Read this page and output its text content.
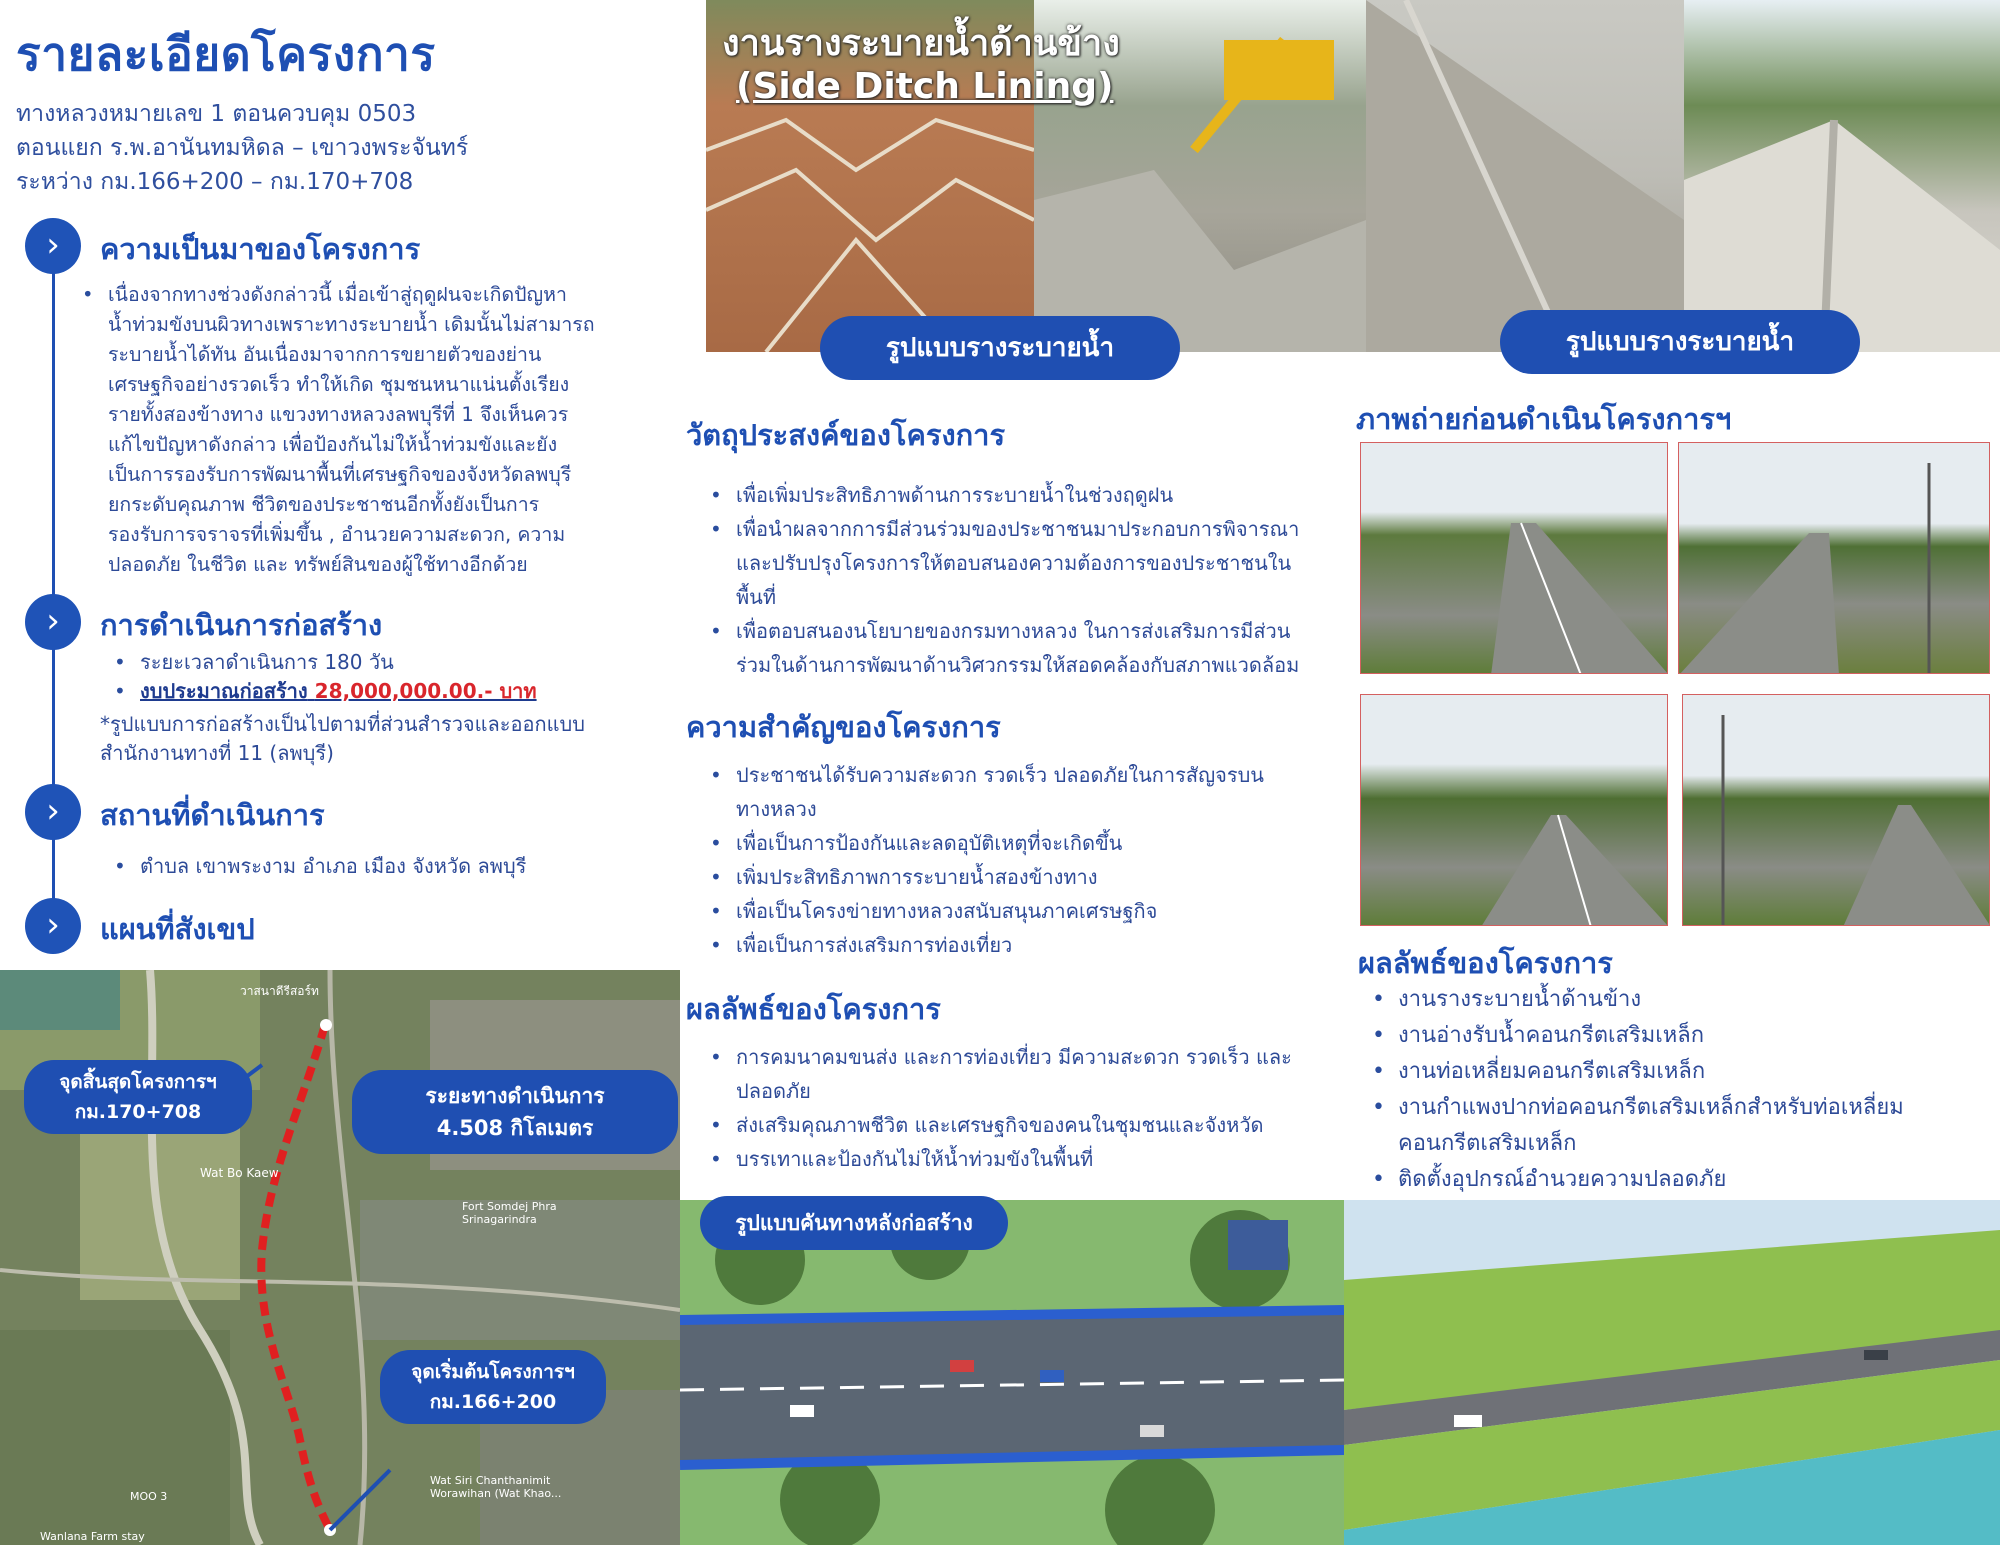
รายละเอียดโครงการ
ทางหลวงหมายเลข 1 ตอนควบคุม 0503
ตอนแยก ร.พ.อานันทมหิดล – เขาวงพระจันทร์
ระหว่าง กม.166+200 – กม.170+708
›	ความเป็นมาของโครงการ
• เนื่องจากทางช่วงดังกล่าวนี้ เมื่อเข้าสู่ฤดูฝนจะเกิดปัญหา
น้ำท่วมขังบนผิวทางเพราะทางระบายน้ำ เดิมนั้นไม่สามารถ
ระบายน้ำได้ทัน อันเนื่องมาจากการขยายตัวของย่าน
เศรษฐกิจอย่างรวดเร็ว ทำให้เกิด ชุมชนหนาแน่นตั้งเรียง
รายทั้งสองข้างทาง แขวงทางหลวงลพบุรีที่ 1 จึงเห็นควร
แก้ไขปัญหาดังกล่าว เพื่อป้องกันไม่ให้น้ำท่วมขังและยัง
เป็นการรองรับการพัฒนาพื้นที่เศรษฐกิจของจังหวัดลพบุรี
ยกระดับคุณภาพ ชีวิตของประชาชนอีกทั้งยังเป็นการ
รองรับการจราจรที่เพิ่มขึ้น , อำนวยความสะดวก, ความ
ปลอดภัย ในชีวิต และ ทรัพย์สินของผู้ใช้ทางอีกด้วย
›	การดำเนินการก่อสร้าง
• ระยะเวลาดำเนินการ 180 วัน
• งบประมาณก่อสร้าง 28,000,000.00.- บาท
*รูปแบบการก่อสร้างเป็นไปตามที่ส่วนสำรวจและออกแบบ
สำนักงานทางที่ 11 (ลพบุรี)
›	สถานที่ดำเนินการ
• ตำบล เขาพระงาม อำเภอ เมือง จังหวัด ลพบุรี
›	แผนที่สังเขป
วาสนาดีรีสอร์ท
Wat Bo Kaew
Fort Somdej Phra Srinagarindra
Wat Siri Chanthanimit Worawihan (Wat Khao...
MOO 3
Wanlana Farm stay
จุดสิ้นสุดโครงการฯ
กม.170+708
ระยะทางดำเนินการ
4.508 กิโลเมตร
จุดเริ่มต้นโครงการฯ
กม.166+200
งานรางระบายน้ำด้านข้าง
(Side Ditch Lining)
รูปแบบรางระบายน้ำ	รูปแบบรางระบายน้ำ
วัตถุประสงค์ของโครงการ
• เพื่อเพิ่มประสิทธิภาพด้านการระบายน้ำในช่วงฤดูฝน
• เพื่อนำผลจากการมีส่วนร่วมของประชาชนมาประกอบการพิจารณา
และปรับปรุงโครงการให้ตอบสนองความต้องการของประชาชนใน
พื้นที่
• เพื่อตอบสนองนโยบายของกรมทางหลวง ในการส่งเสริมการมีส่วน
ร่วมในด้านการพัฒนาด้านวิศวกรรมให้สอดคล้องกับสภาพแวดล้อม
ความสำคัญของโครงการ
• ประชาชนได้รับความสะดวก รวดเร็ว ปลอดภัยในการสัญจรบน
ทางหลวง
• เพื่อเป็นการป้องกันและลดอุบัติเหตุที่จะเกิดขึ้น
• เพิ่มประสิทธิภาพการระบายน้ำสองข้างทาง
• เพื่อเป็นโครงข่ายทางหลวงสนับสนุนภาคเศรษฐกิจ
• เพื่อเป็นการส่งเสริมการท่องเที่ยว
ผลลัพธ์ของโครงการ
• การคมนาคมขนส่ง และการท่องเที่ยว มีความสะดวก รวดเร็ว และ
ปลอดภัย
• ส่งเสริมคุณภาพชีวิต และเศรษฐกิจของคนในชุมชนและจังหวัด
• บรรเทาและป้องกันไม่ให้น้ำท่วมขังในพื้นที่
รูปแบบคันทางหลังก่อสร้าง
ภาพถ่ายก่อนดำเนินโครงการฯ
ผลลัพธ์ของโครงการ
• งานรางระบายน้ำด้านข้าง
• งานอ่างรับน้ำคอนกรีตเสริมเหล็ก
• งานท่อเหลี่ยมคอนกรีตเสริมเหล็ก
• งานกำแพงปากท่อคอนกรีตเสริมเหล็กสำหรับท่อเหลี่ยม
คอนกรีตเสริมเหล็ก
• ติดตั้งอุปกรณ์อำนวยความปลอดภัย
